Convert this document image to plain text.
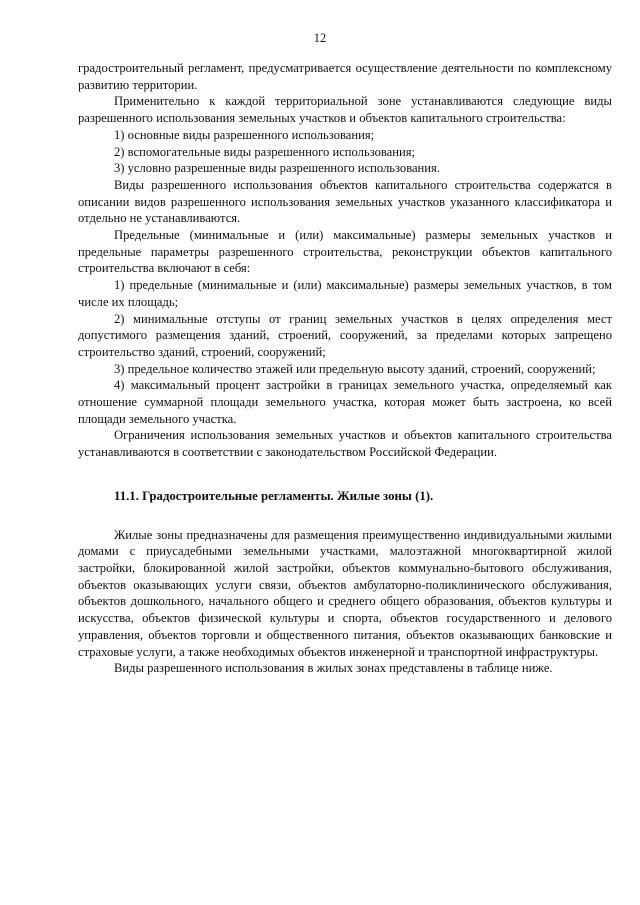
12

градостроительный регламент, предусматривается осуществление деятельности по комплексному развитию территории.

Применительно к каждой территориальной зоне устанавливаются следующие виды разрешенного использования земельных участков и объектов капитального строительства:

1) основные виды разрешенного использования;

2) вспомогательные виды разрешенного использования;

3) условно разрешенные виды разрешенного использования.

Виды разрешенного использования объектов капитального строительства содержатся в описании видов разрешенного использования земельных участков указанного классификатора и отдельно не устанавливаются.

Предельные (минимальные и (или) максимальные) размеры земельных участков и предельные параметры разрешенного строительства, реконструкции объектов капитального строительства включают в себя:

1) предельные (минимальные и (или) максимальные) размеры земельных участков, в том числе их площадь;

2) минимальные отступы от границ земельных участков в целях определения мест допустимого размещения зданий, строений, сооружений, за пределами которых запрещено строительство зданий, строений, сооружений;

3) предельное количество этажей или предельную высоту зданий, строений, сооружений;

4) максимальный процент застройки в границах земельного участка, определяемый как отношение суммарной площади земельного участка, которая может быть застроена, ко всей площади земельного участка.

Ограничения использования земельных участков и объектов капитального строительства устанавливаются в соответствии с законодательством Российской Федерации.

11.1. Градостроительные регламенты. Жилые зоны (1).

Жилые зоны предназначены для размещения преимущественно индивидуальными жилыми домами с приусадебными земельными участками, малоэтажной многоквартирной жилой застройки, блокированной жилой застройки, объектов коммунально-бытового обслуживания, объектов оказывающих услуги связи, объектов амбулаторно-поликлинического обслуживания, объектов дошкольного, начального общего и среднего общего образования, объектов культуры и искусства, объектов физической культуры и спорта, объектов государственного и делового управления, объектов торговли и общественного питания, объектов оказывающих банковские и страховые услуги, а также необходимых объектов инженерной и транспортной инфраструктуры.

Виды разрешенного использования в жилых зонах представлены в таблице ниже.
